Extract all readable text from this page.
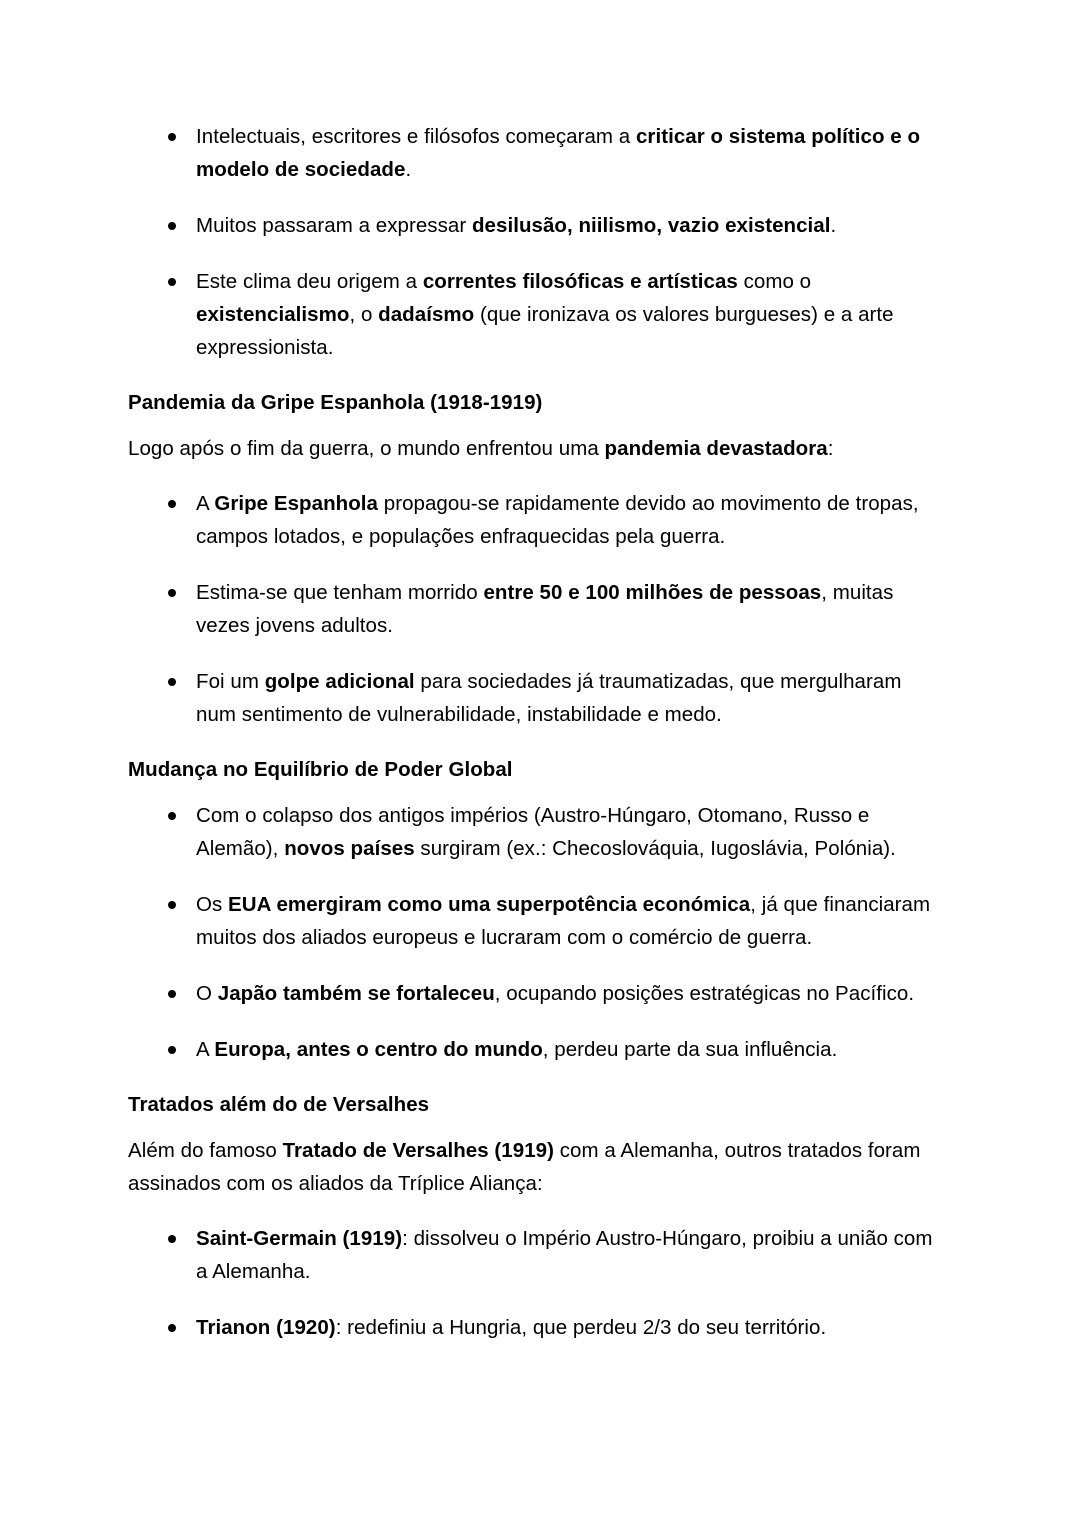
Intelectuais, escritores e filósofos começaram a criticar o sistema político e o modelo de sociedade.
Muitos passaram a expressar desilusão, niilismo, vazio existencial.
Este clima deu origem a correntes filosóficas e artísticas como o existencialismo, o dadaísmo (que ironizava os valores burgueses) e a arte expressionista.
Pandemia da Gripe Espanhola (1918-1919)
Logo após o fim da guerra, o mundo enfrentou uma pandemia devastadora:
A Gripe Espanhola propagou-se rapidamente devido ao movimento de tropas, campos lotados, e populações enfraquecidas pela guerra.
Estima-se que tenham morrido entre 50 e 100 milhões de pessoas, muitas vezes jovens adultos.
Foi um golpe adicional para sociedades já traumatizadas, que mergulharam num sentimento de vulnerabilidade, instabilidade e medo.
Mudança no Equilíbrio de Poder Global
Com o colapso dos antigos impérios (Austro-Húngaro, Otomano, Russo e Alemão), novos países surgiram (ex.: Checoslováquia, Iugoslávia, Polónia).
Os EUA emergiram como uma superpotência económica, já que financiaram muitos dos aliados europeus e lucraram com o comércio de guerra.
O Japão também se fortaleceu, ocupando posições estratégicas no Pacífico.
A Europa, antes o centro do mundo, perdeu parte da sua influência.
Tratados além do de Versalhes
Além do famoso Tratado de Versalhes (1919) com a Alemanha, outros tratados foram assinados com os aliados da Tríplice Aliança:
Saint-Germain (1919): dissolveu o Império Austro-Húngaro, proibiu a união com a Alemanha.
Trianon (1920): redefiniu a Hungria, que perdeu 2/3 do seu território.
